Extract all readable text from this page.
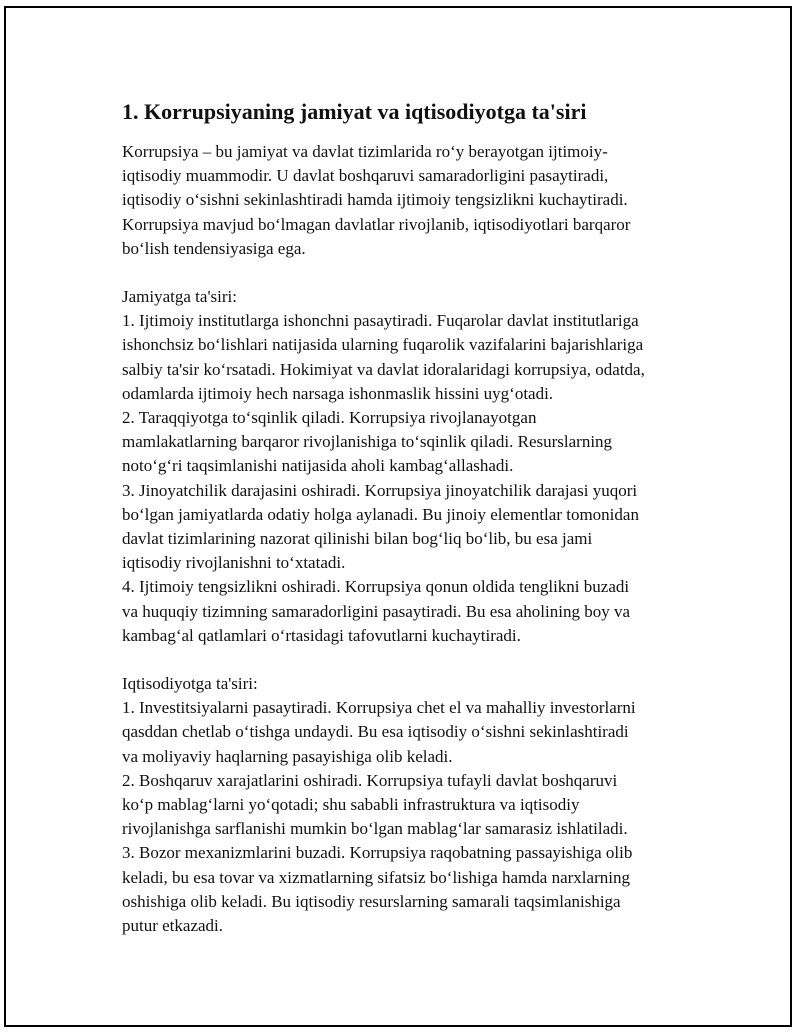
1. Korrupsiyaning jamiyat va iqtisodiyotga ta'siri

Korrupsiya – bu jamiyat va davlat tizimlarida ro‘y berayotgan ijtimoiy-

iqtisodiy muammodir. U davlat boshqaruvi samaradorligini pasaytiradi,

iqtisodiy o‘sishni sekinlashtiradi hamda ijtimoiy tengsizlikni kuchaytiradi.

Korrupsiya mavjud bo‘lmagan davlatlar rivojlanib, iqtisodiyotlari barqaror

bo‘lish tendensiyasiga ega.

Jamiyatga ta'siri:

1. Ijtimoiy institutlarga ishonchni pasaytiradi. Fuqarolar davlat institutlariga

ishonchsiz bo‘lishlari natijasida ularning fuqarolik vazifalarini bajarishlariga

salbiy ta'sir ko‘rsatadi. Hokimiyat va davlat idoralaridagi korrupsiya, odatda,

odamlarda ijtimoiy hech narsaga ishonmaslik hissini uyg‘otadi.

2. Taraqqiyotga to‘sqinlik qiladi. Korrupsiya rivojlanayotgan

mamlakatlarning barqaror rivojlanishiga to‘sqinlik qiladi. Resurslarning

noto‘g‘ri taqsimlanishi natijasida aholi kambag‘allashadi.

3. Jinoyatchilik darajasini oshiradi. Korrupsiya jinoyatchilik darajasi yuqori

bo‘lgan jamiyatlarda odatiy holga aylanadi. Bu jinoiy elementlar tomonidan

davlat tizimlarining nazorat qilinishi bilan bog‘liq bo‘lib, bu esa jami

iqtisodiy rivojlanishni to‘xtatadi.

4. Ijtimoiy tengsizlikni oshiradi. Korrupsiya qonun oldida tenglikni buzadi

va huquqiy tizimning samaradorligini pasaytiradi. Bu esa aholining boy va

kambag‘al qatlamlari o‘rtasidagi tafovutlarni kuchaytiradi.

Iqtisodiyotga ta'siri:

1. Investitsiyalarni pasaytiradi. Korrupsiya chet el va mahalliy investorlarni

qasddan chetlab o‘tishga undaydi. Bu esa iqtisodiy o‘sishni sekinlashtiradi

va moliyaviy haqlarning pasayishiga olib keladi.

2. Boshqaruv xarajatlarini oshiradi. Korrupsiya tufayli davlat boshqaruvi

ko‘p mablag‘larni yo‘qotadi; shu sababli infrastruktura va iqtisodiy

rivojlanishga sarflanishi mumkin bo‘lgan mablag‘lar samarasiz ishlatiladi.

3. Bozor mexanizmlarini buzadi. Korrupsiya raqobatning passayishiga olib

keladi, bu esa tovar va xizmatlarning sifatsiz bo‘lishiga hamda narxlarning

oshishiga olib keladi. Bu iqtisodiy resurslarning samarali taqsimlanishiga

putur etkazadi.
